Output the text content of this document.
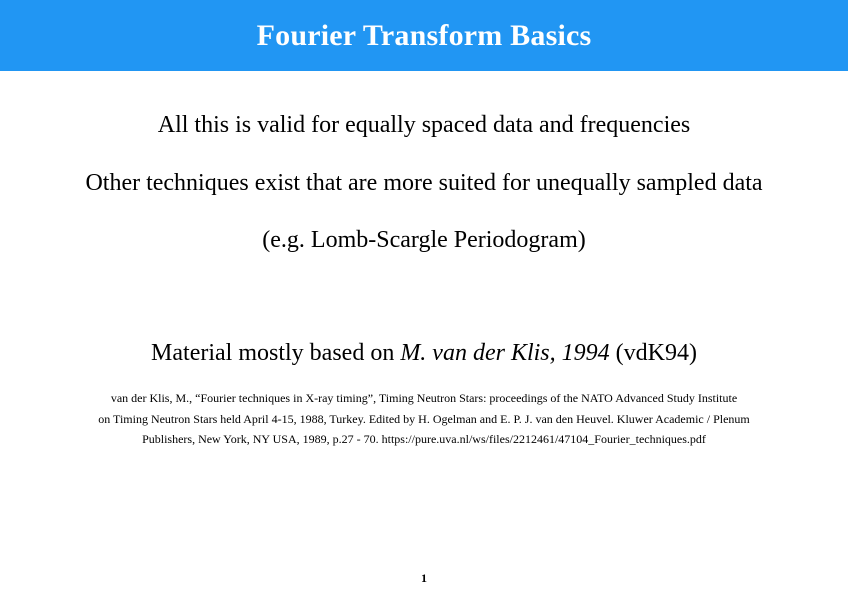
Fourier Transform Basics
All this is valid for equally spaced data and frequencies
Other techniques exist that are more suited for unequally sampled data
(e.g. Lomb-Scargle Periodogram)
Material mostly based on M. van der Klis, 1994 (vdK94)
van der Klis, M., “Fourier techniques in X-ray timing”, Timing Neutron Stars: proceedings of the NATO Advanced Study Institute
on Timing Neutron Stars held April 4-15, 1988, Turkey. Edited by H. Ogelman and E. P. J. van den Heuvel. Kluwer Academic / Plenum
Publishers, New York, NY USA, 1989, p.27 - 70. https://pure.uva.nl/ws/files/2212461/47104_Fourier_techniques.pdf
1
